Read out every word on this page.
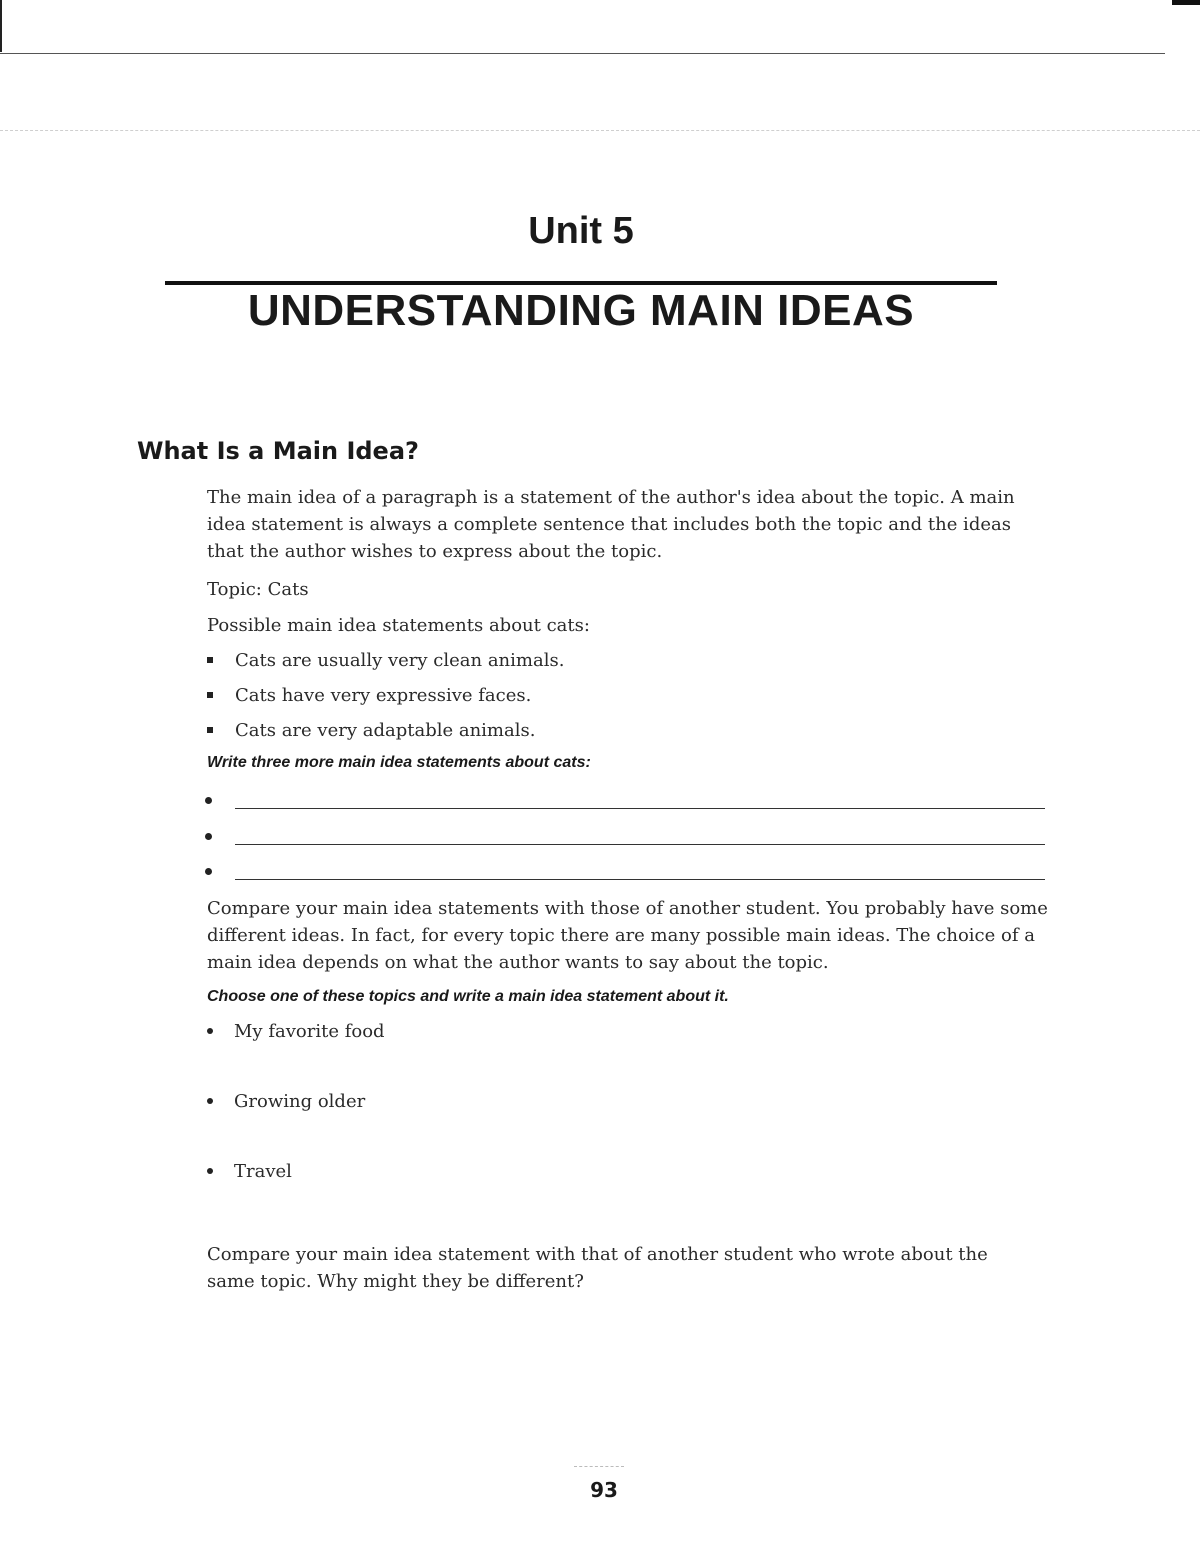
Unit 5
UNDERSTANDING MAIN IDEAS
What Is a Main Idea?

The main idea of a paragraph is a statement of the author's idea about the topic. A main idea statement is always a complete sentence that includes both the topic and the ideas that the author wishes to express about the topic.

Topic: Cats

Possible main idea statements about cats:

Cats are usually very clean animals.
Cats have very expressive faces.
Cats are very adaptable animals.

Write three more main idea statements about cats:

Compare your main idea statements with those of another student. You probably have some different ideas. In fact, for every topic there are many possible main ideas. The choice of a main idea depends on what the author wants to say about the topic.

Choose one of these topics and write a main idea statement about it.

My favorite food
Growing older
Travel

Compare your main idea statement with that of another student who wrote about the same topic. Why might they be different?

93
